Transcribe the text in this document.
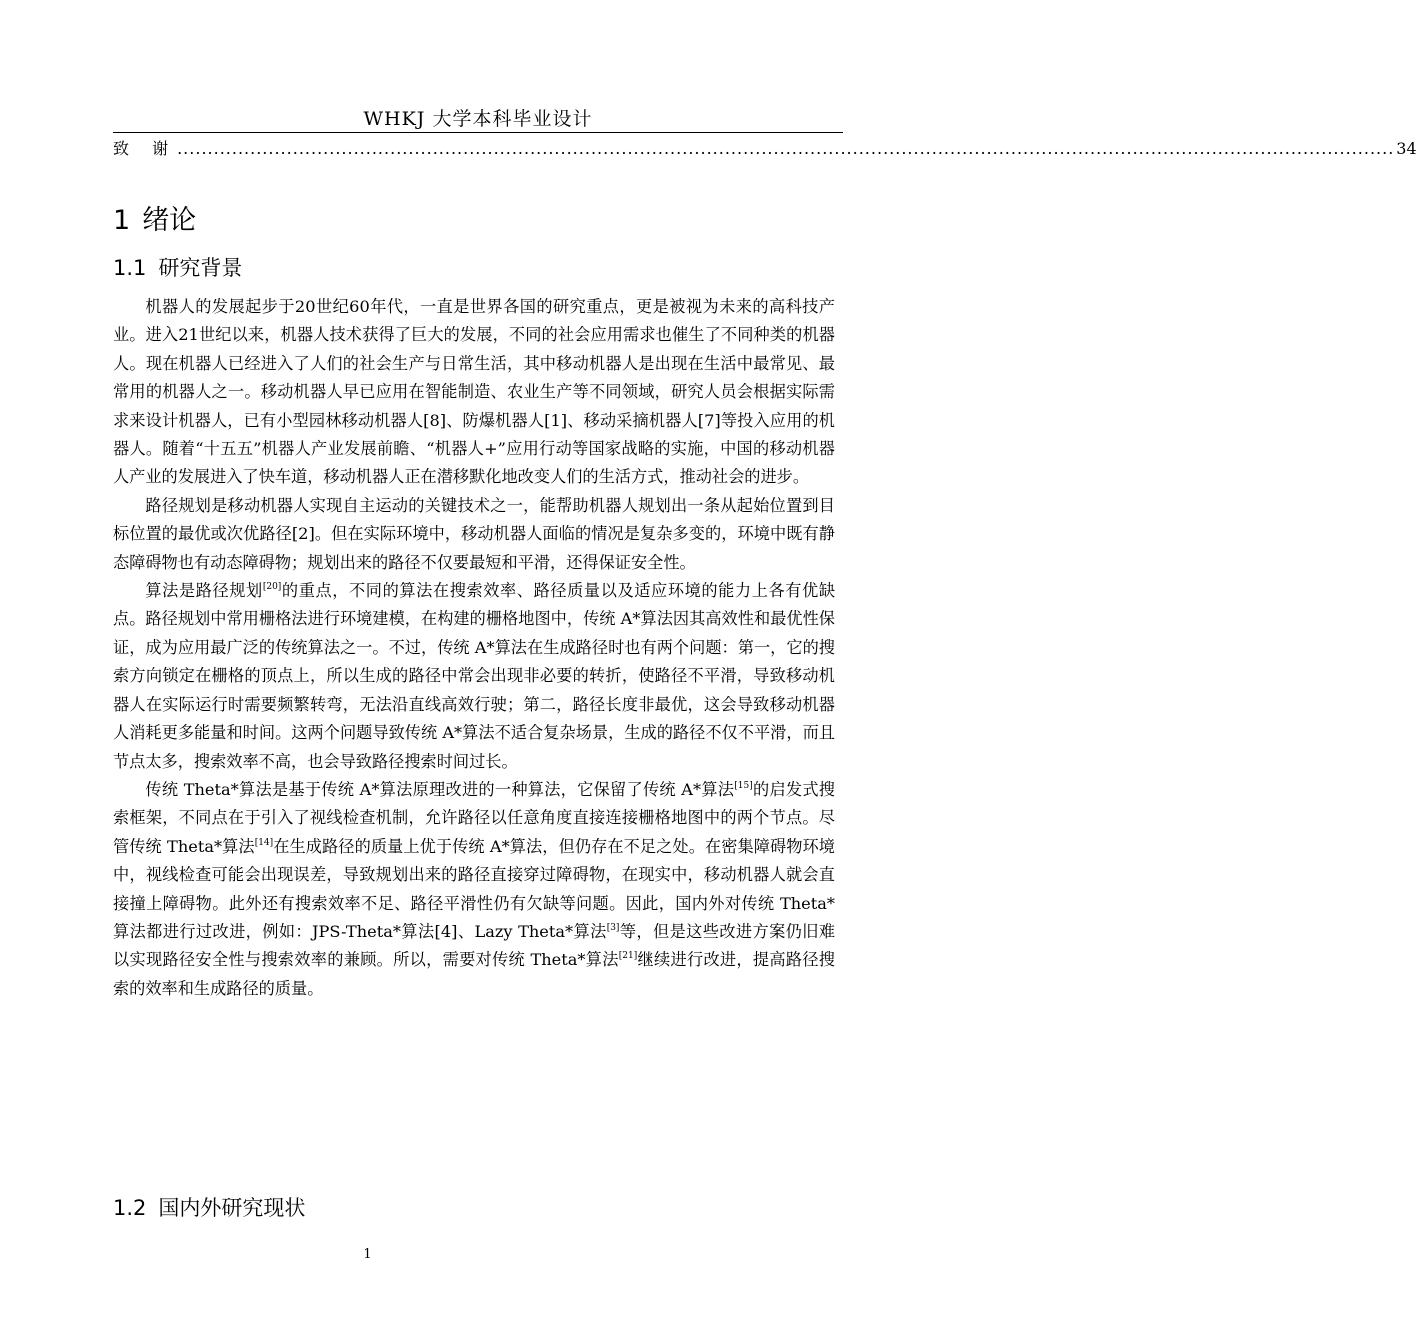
WHKJ 大学本科毕业设计
致 谢 ........................................................................................................................................................................................................ 34
1 绪论
1.1 研究背景

机器人的发展起步于20世纪60年代，一直是世界各国的研究重点，更是被视为未来的高科技产业。进入21世纪以来，机器人技术获得了巨大的发展，不同的社会应用需求也催生了不同种类的机器人。现在机器人已经进入了人们的社会生产与日常生活，其中移动机器人是出现在生活中最常见、最常用的机器人之一。移动机器人早已应用在智能制造、农业生产等不同领域，研究人员会根据实际需求来设计机器人，已有小型园林移动机器人[8]、防爆机器人[1]、移动采摘机器人[7]等投入应用的机器人。随着“十五五”机器人产业发展前瞻、“机器人+”应用行动等国家战略的实施，中国的移动机器人产业的发展进入了快车道，移动机器人正在潜移默化地改变人们的生活方式，推动社会的进步。

路径规划是移动机器人实现自主运动的关键技术之一，能帮助机器人规划出一条从起始位置到目标位置的最优或次优路径[2]。但在实际环境中，移动机器人面临的情况是复杂多变的，环境中既有静态障碍物也有动态障碍物；规划出来的路径不仅要最短和平滑，还得保证安全性。

算法是路径规划[20]的重点，不同的算法在搜索效率、路径质量以及适应环境的能力上各有优缺点。路径规划中常用栅格法进行环境建模，在构建的栅格地图中，传统 A*算法因其高效性和最优性保证，成为应用最广泛的传统算法之一。不过，传统 A*算法在生成路径时也有两个问题：第一，它的搜索方向锁定在栅格的顶点上，所以生成的路径中常会出现非必要的转折，使路径不平滑，导致移动机器人在实际运行时需要频繁转弯，无法沿直线高效行驶；第二，路径长度非最优，这会导致移动机器人消耗更多能量和时间。这两个问题导致传统 A*算法不适合复杂场景，生成的路径不仅不平滑，而且节点太多，搜索效率不高，也会导致路径搜索时间过长。

传统 Theta*算法是基于传统 A*算法原理改进的一种算法，它保留了传统 A*算法[15]的启发式搜索框架，不同点在于引入了视线检查机制，允许路径以任意角度直接连接栅格地图中的两个节点。尽管传统 Theta*算法[14]在生成路径的质量上优于传统 A*算法，但仍存在不足之处。在密集障碍物环境中，视线检查可能会出现误差，导致规划出来的路径直接穿过障碍物，在现实中，移动机器人就会直接撞上障碍物。此外还有搜索效率不足、路径平滑性仍有欠缺等问题。因此，国内外对传统 Theta*算法都进行过改进，例如：JPS-Theta*算法[4]、Lazy Theta*算法[3]等，但是这些改进方案仍旧难以实现路径安全性与搜索效率的兼顾。所以，需要对传统 Theta*算法[21]继续进行改进，提高路径搜索的效率和生成路径的质量。

1.2 国内外研究现状
1
